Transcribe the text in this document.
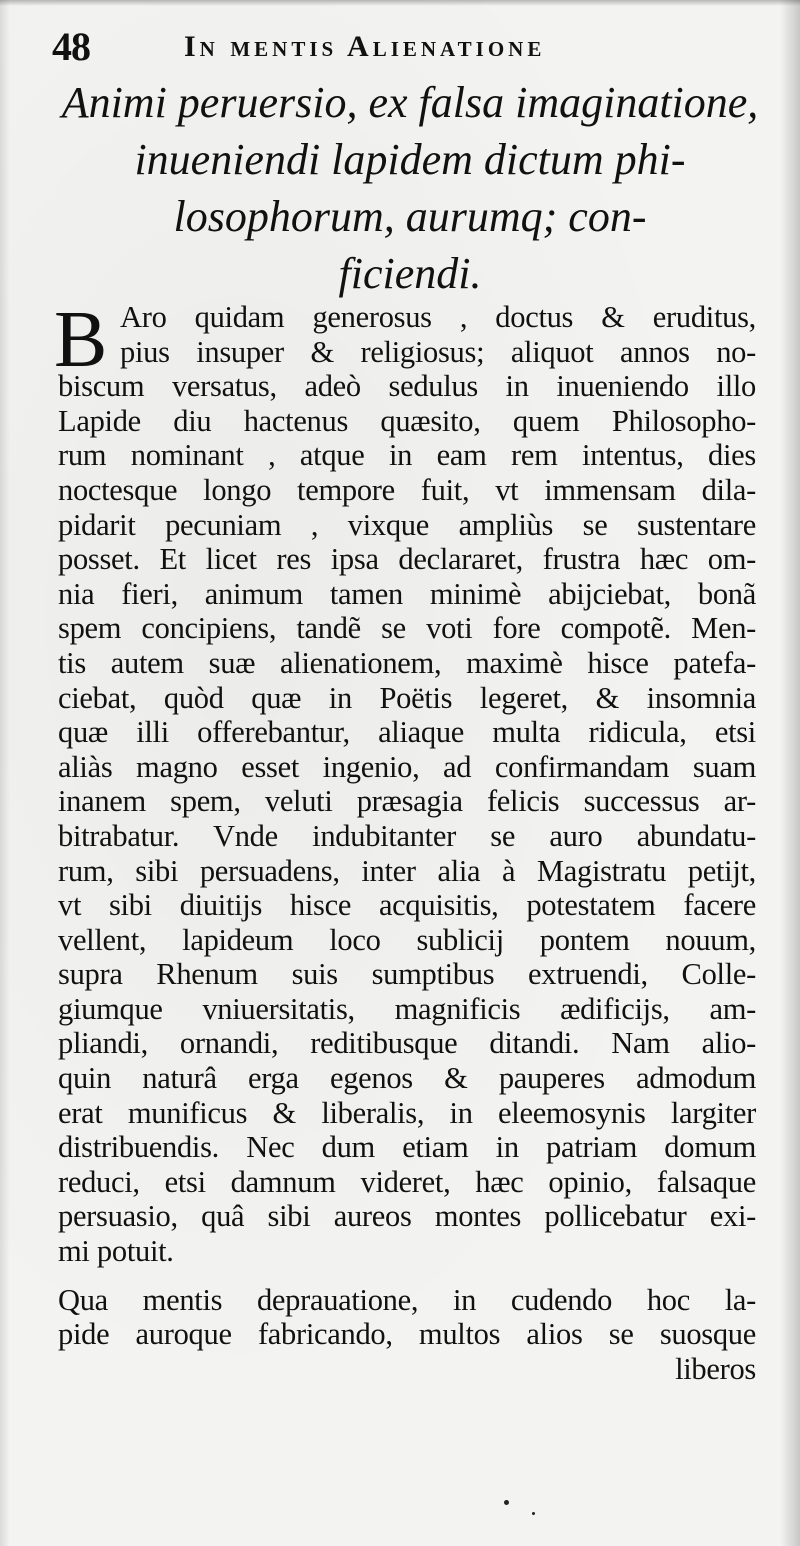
48	In mentis Alienatione
Animi peruersio, ex falsa imaginatione,
inueniendi lapidem dictum phi-
losophorum, aurumq; con-
ficiendi.
B Aro quidam generosus , doctus & eruditus,
pius insuper & religiosus; aliquot annos no-
biscum versatus, adeò sedulus in inueniendo illo
Lapide diu hactenus quæsito, quem Philosopho-
rum nominant , atque in eam rem intentus, dies
noctesque longo tempore fuit, vt immensam dila-
pidarit pecuniam , vixque ampliùs se sustentare
posset. Et licet res ipsa declararet, frustra hæc om-
nia fieri, animum tamen minimè abijciebat, bonã
spem concipiens, tandẽ se voti fore compotẽ. Men-
tis autem suæ alienationem, maximè hisce patefa-
ciebat, quòd quæ in Poëtis legeret, & insomnia
quæ illi offerebantur, aliaque multa ridicula, etsi
aliàs magno esset ingenio, ad confirmandam suam
inanem spem, veluti præsagia felicis successus ar-
bitrabatur. Vnde indubitanter se auro abundatu-
rum, sibi persuadens, inter alia à Magistratu petijt,
vt sibi diuitijs hisce acquisitis, potestatem facere
vellent, lapideum loco sublicij pontem nouum,
supra Rhenum suis sumptibus extruendi, Colle-
giumque vniuersitatis, magnificis ædificijs, am-
pliandi, ornandi, reditibusque ditandi. Nam alio-
quin naturâ erga egenos & pauperes admodum
erat munificus & liberalis, in eleemosynis largiter
distribuendis. Nec dum etiam in patriam domum
reduci, etsi damnum videret, hæc opinio, falsaque
persuasio, quâ sibi aureos montes pollicebatur exi-
mi potuit.
Qua mentis deprauatione, in cudendo hoc la-
pide auroque fabricando, multos alios se suosque
liberos
